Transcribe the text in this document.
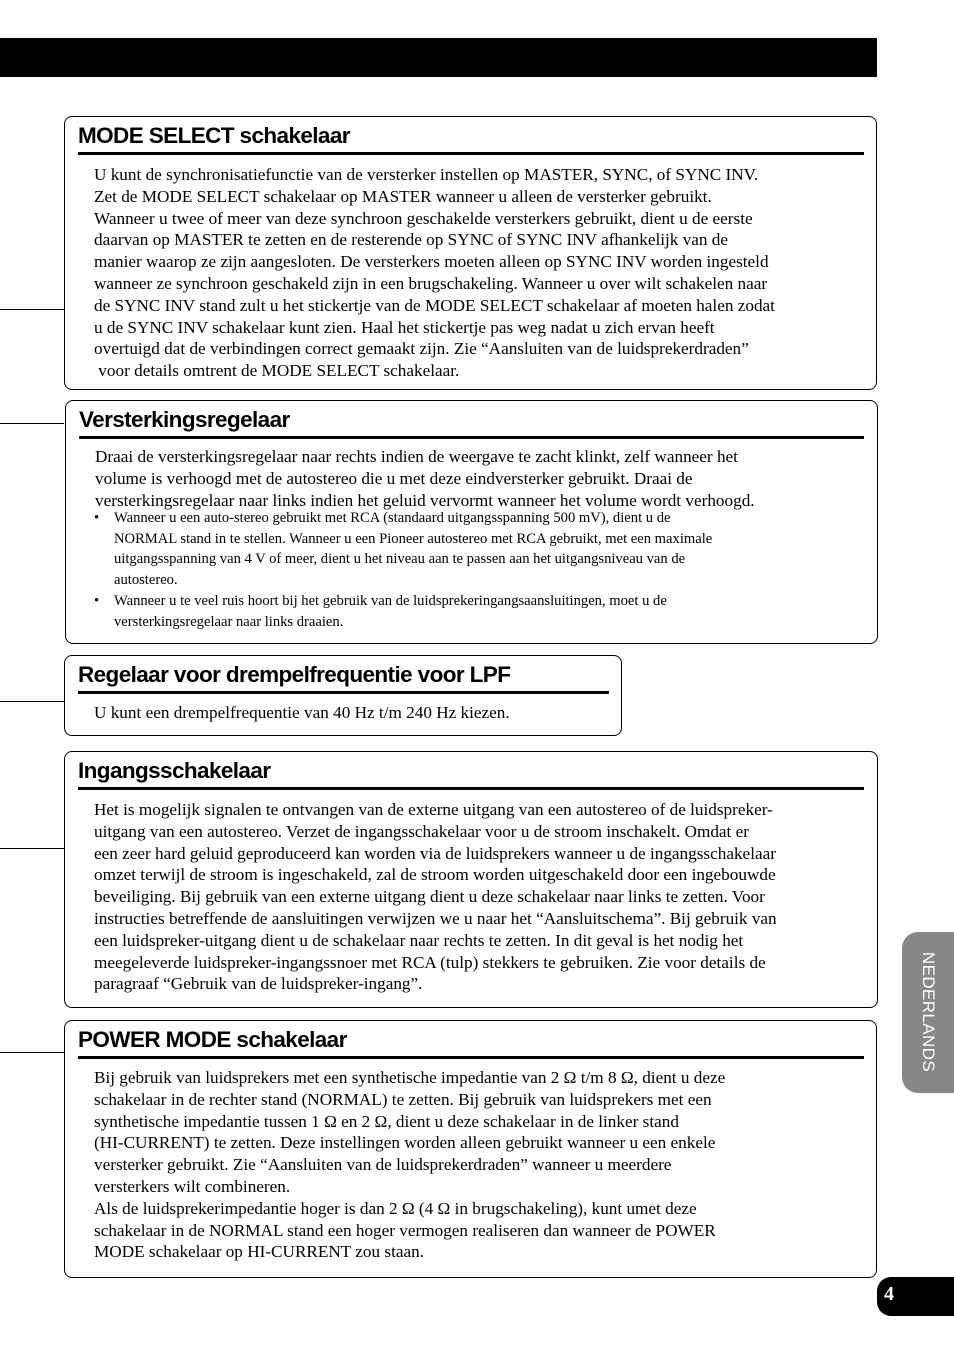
MODE SELECT schakelaar
U kunt de synchronisatiefunctie van de versterker instellen op MASTER, SYNC, of SYNC INV.
Zet de MODE SELECT schakelaar op MASTER wanneer u alleen de versterker gebruikt.
Wanneer u twee of meer van deze synchroon geschakelde versterkers gebruikt, dient u de eerste
daarvan op MASTER te zetten en de resterende op SYNC of SYNC INV afhankelijk van de
manier waarop ze zijn aangesloten. De versterkers moeten alleen op SYNC INV worden ingesteld
wanneer ze synchroon geschakeld zijn in een brugschakeling. Wanneer u over wilt schakelen naar
de SYNC INV stand zult u het stickertje van de MODE SELECT schakelaar af moeten halen zodat
u de SYNC INV schakelaar kunt zien. Haal het stickertje pas weg nadat u zich ervan heeft
overtuigd dat de verbindingen correct gemaakt zijn. Zie “Aansluiten van de luidsprekerdraden”
voor details omtrent de MODE SELECT schakelaar.
Versterkingsregelaar
Draai de versterkingsregelaar naar rechts indien de weergave te zacht klinkt, zelf wanneer het
volume is verhoogd met de autostereo die u met deze eindversterker gebruikt. Draai de
versterkingsregelaar naar links indien het geluid vervormt wanneer het volume wordt verhoogd.
• Wanneer u een auto-stereo gebruikt met RCA (standaard uitgangsspanning 500 mV), dient u de
NORMAL stand in te stellen. Wanneer u een Pioneer autostereo met RCA gebruikt, met een maximale
uitgangsspanning van 4 V of meer, dient u het niveau aan te passen aan het uitgangsniveau van de
autostereo.
• Wanneer u te veel ruis hoort bij het gebruik van de luidsprekeringangsaansluitingen, moet u de
versterkingsregelaar naar links draaien.
Regelaar voor drempelfrequentie voor LPF
U kunt een drempelfrequentie van 40 Hz t/m 240 Hz kiezen.
Ingangsschakelaar
Het is mogelijk signalen te ontvangen van de externe uitgang van een autostereo of de luidspreker-
uitgang van een autostereo. Verzet de ingangsschakelaar voor u de stroom inschakelt. Omdat er
een zeer hard geluid geproduceerd kan worden via de luidsprekers wanneer u de ingangsschakelaar
omzet terwijl de stroom is ingeschakeld, zal de stroom worden uitgeschakeld door een ingebouwde
beveiliging. Bij gebruik van een externe uitgang dient u deze schakelaar naar links te zetten. Voor
instructies betreffende de aansluitingen verwijzen we u naar het “Aansluitschema”. Bij gebruik van
een luidspreker-uitgang dient u de schakelaar naar rechts te zetten. In dit geval is het nodig het
meegeleverde luidspreker-ingangssnoer met RCA (tulp) stekkers te gebruiken. Zie voor details de
paragraaf “Gebruik van de luidspreker-ingang”.
POWER MODE schakelaar
Bij gebruik van luidsprekers met een synthetische impedantie van 2 Ω t/m 8 Ω, dient u deze
schakelaar in de rechter stand (NORMAL) te zetten. Bij gebruik van luidsprekers met een
synthetische impedantie tussen 1 Ω en 2 Ω, dient u deze schakelaar in de linker stand
(HI-CURRENT) te zetten. Deze instellingen worden alleen gebruikt wanneer u een enkele
versterker gebruikt. Zie “Aansluiten van de luidsprekerdraden” wanneer u meerdere
versterkers wilt combineren.
Als de luidsprekerimpedantie hoger is dan 2 Ω (4 Ω in brugschakeling), kunt umet deze
schakelaar in de NORMAL stand een hoger vermogen realiseren dan wanneer de POWER
MODE schakelaar op HI-CURRENT zou staan.
NEDERLANDS
4
